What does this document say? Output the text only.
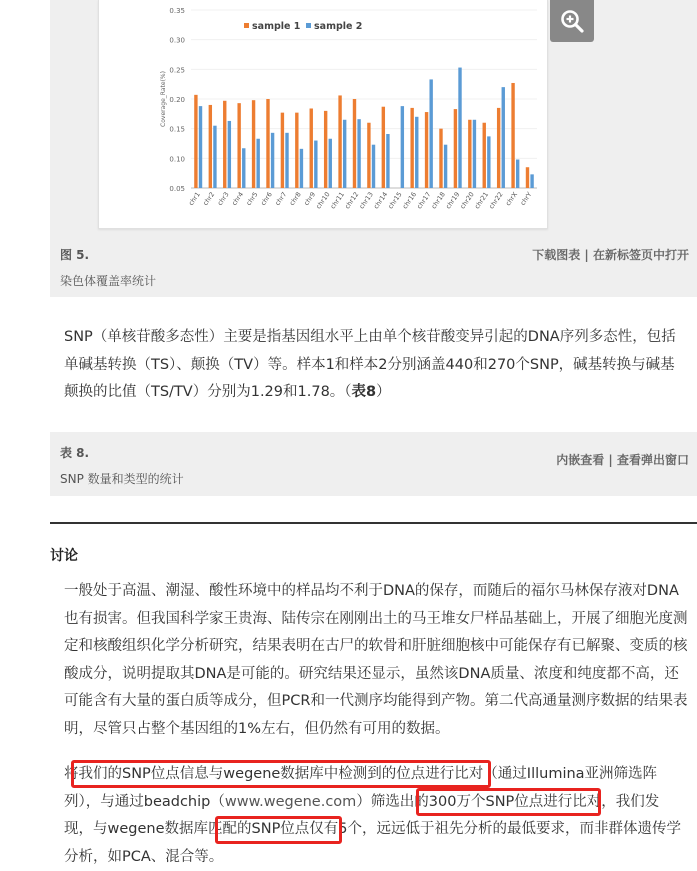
0.05
0.10
0.15
0.20
0.25
0.30
0.35
Coverage_Rate(%)
chr1 chr2 chr3 chr4 chr5 chr6 chr7 chr8 chr9
chr10
chr11
chr12
chr13
chr14
chr15
chr16
chr17
chr18
chr19
chr20
chr21
chr22 chrX chrY
sample 1 sample 2
图 5.	下载图表 | 在新标签页中打开
染色体覆盖率统计
SNP（单核苷酸多态性）主要是指基因组水平上由单个核苷酸变异引起的DNA序列多态性，包括单碱基转换（TS）、颠换（TV）等。样本1和样本2分别涵盖440和270个SNP，碱基转换与碱基颠换的比值（TS/TV）分别为1.29和1.78。（表8）
表 8.
SNP 数量和类型的统计
内嵌查看 | 查看弹出窗口
讨论
一般处于高温、潮湿、酸性环境中的样品均不利于DNA的保存，而随后的福尔马林保存液对DNA也有损害。但我国科学家王贵海、陆传宗在刚刚出土的马王堆女尸样品基础上，开展了细胞光度测定和核酸组织化学分析研究，结果表明在古尸的软骨和肝脏细胞核中可能保存有已解聚、变质的核酸成分，说明提取其DNA是可能的。研究结果还显示，虽然该DNA质量、浓度和纯度都不高，还可能含有大量的蛋白质等成分，但PCR和一代测序均能得到产物。第二代高通量测序数据的结果表明，尽管只占整个基因组的1%左右，但仍然有可用的数据。
将我们的SNP位点信息与wegene数据库中检测到的位点进行比对（通过Illumina亚洲筛选阵列），与通过beadchip（www.wegene.com）筛选出的300万个SNP位点进行比对，我们发现，与wegene数据库匹配的SNP位点仅有5个，远远低于祖先分析的最低要求，而非群体遗传学分析，如PCA、混合等。
